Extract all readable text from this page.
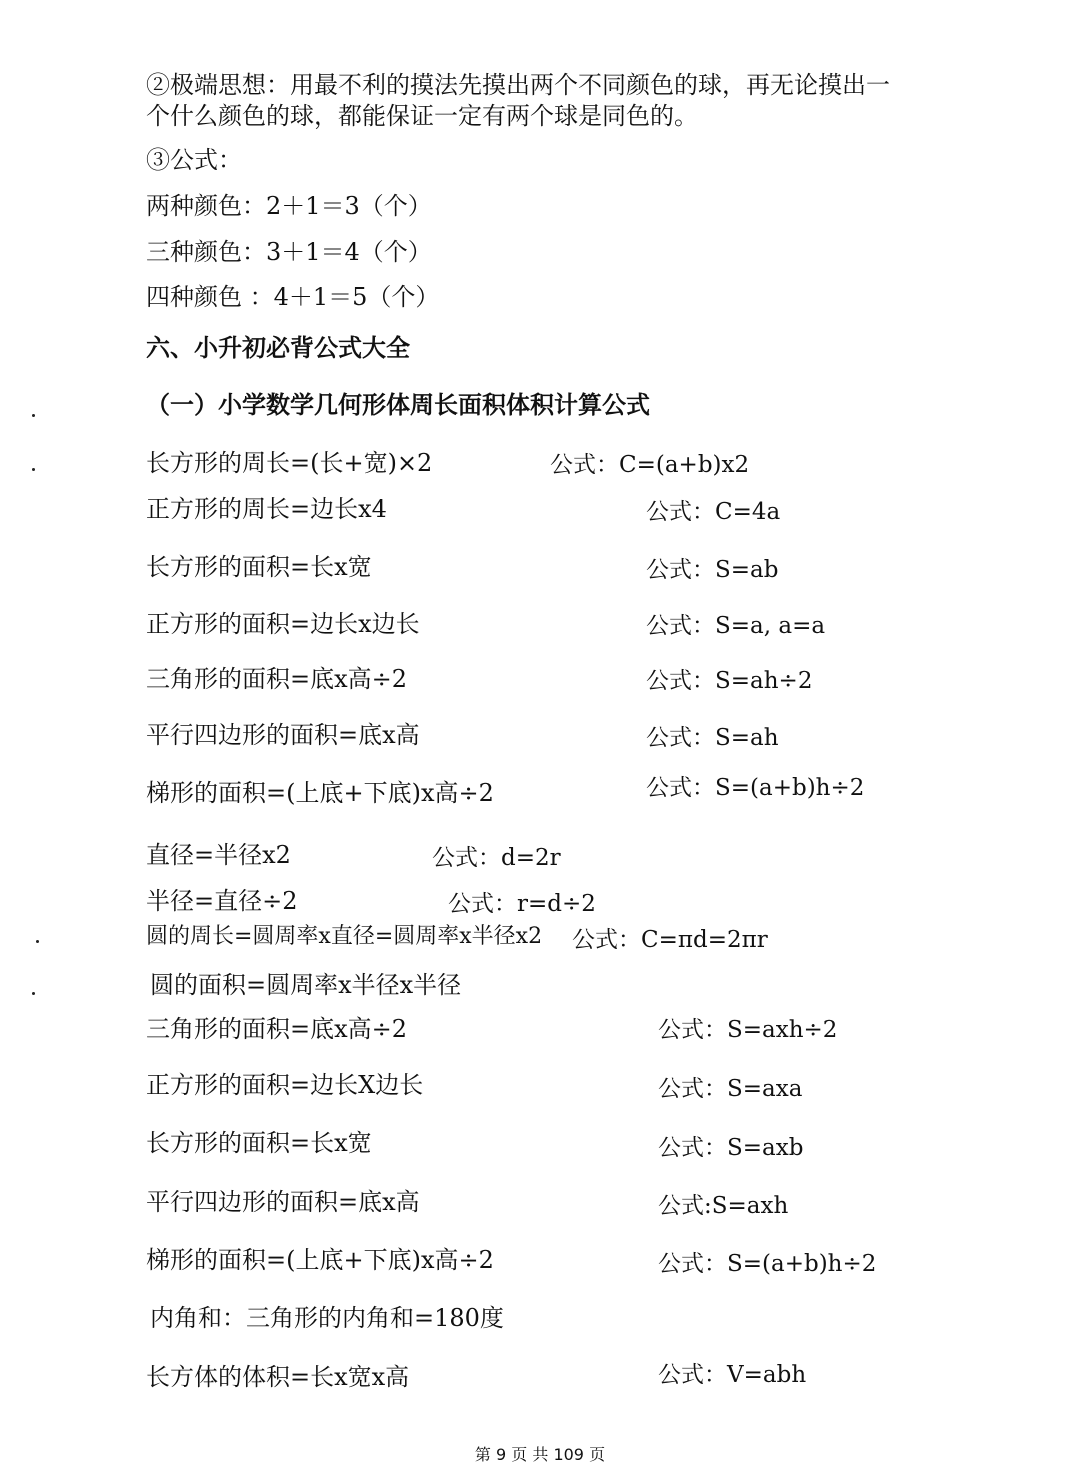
②极端思想：用最不利的摸法先摸出两个不同颜色的球，再无论摸出一
个什么颜色的球，都能保证一定有两个球是同色的。
③公式：
两种颜色：2＋1＝3（个）
三种颜色：3＋1＝4（个）
四种颜色 ：4＋1＝5（个）
六、小升初必背公式大全
（一）小学数学几何形体周长面积体积计算公式
长方形的周长=(长+宽)×2	公式：C=(a+b)x2
正方形的周长=边长x4	公式：C=4a
长方形的面积=长x宽	公式：S=ab
正方形的面积=边长x边长	公式：S=a, a=a
三角形的面积=底x高÷2	公式：S=ah÷2
平行四边形的面积=底x高	公式：S=ah
梯形的面积=(上底+下底)x高÷2	公式：S=(a+b)h÷2
直径=半径x2	公式：d=2r
半径=直径÷2	公式：r=d÷2
圆的周长=圆周率x直径=圆周率x半径x2 公式：C=πd=2πr
圆的面积=圆周率x半径x半径
三角形的面积=底x高÷2	公式：S=axh÷2
正方形的面积=边长X边长	公式：S=axa
长方形的面积=长x宽	公式：S=axb
平行四边形的面积=底x高	公式:S=axh
梯形的面积=(上底+下底)x高÷2	公式：S=(a+b)h÷2
内角和：三角形的内角和=180度
长方体的体积=长x宽x高	公式：V=abh
第 9 页 共 109 页
